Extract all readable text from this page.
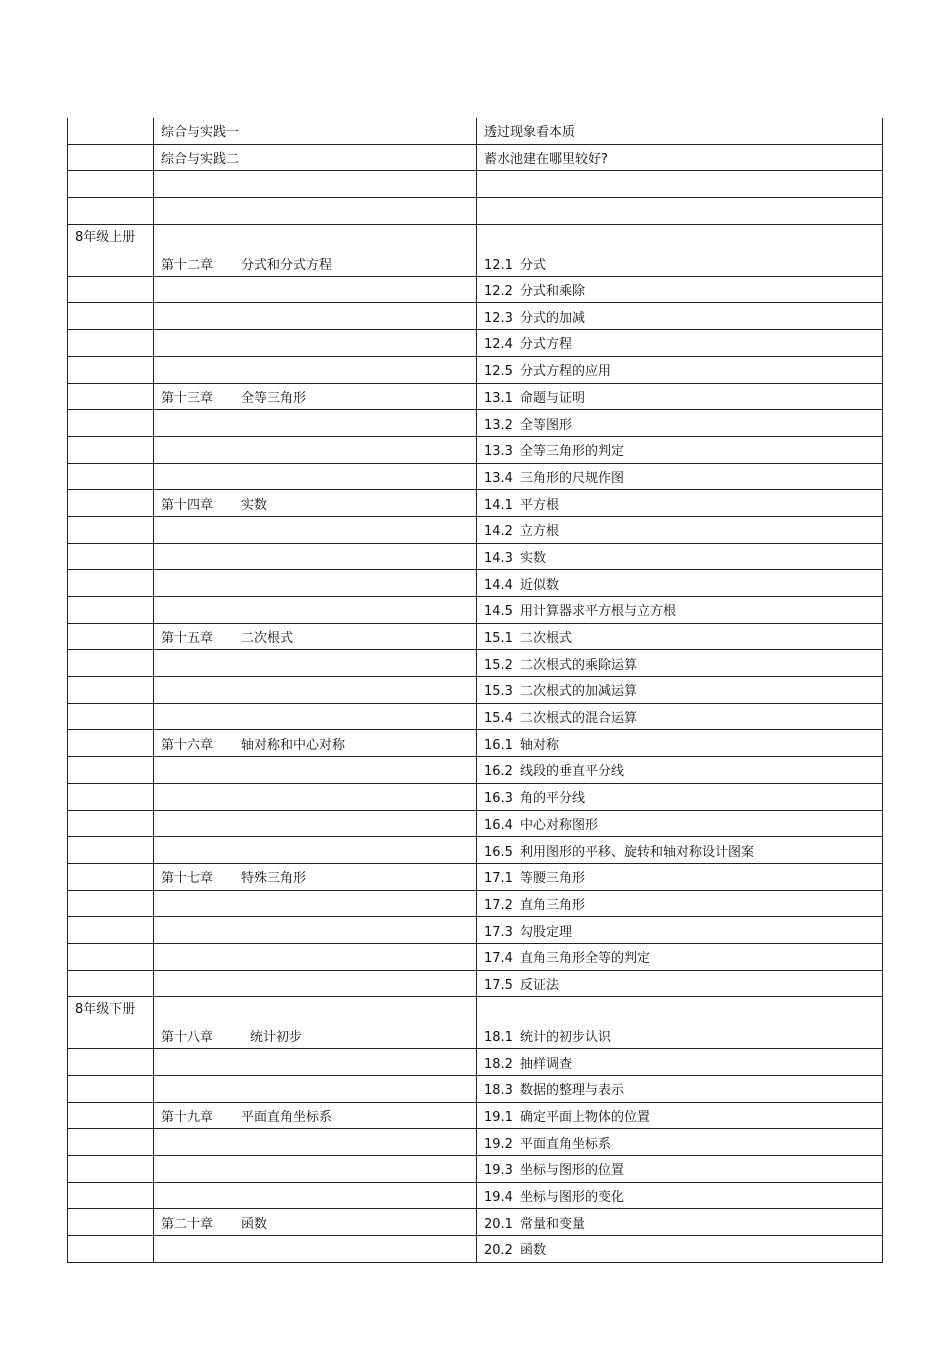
	综合与实践一	透过现象看本质
	综合与实践二	蓄水池建在哪里较好?

8年级上册	第十二章 分式和分式方程	12.1 分式
		12.2 分式和乘除
		12.3 分式的加减
		12.4 分式方程
		12.5 分式方程的应用
	第十三章 全等三角形	13.1 命题与证明
		13.2 全等图形
		13.3 全等三角形的判定
		13.4 三角形的尺规作图
	第十四章 实数	14.1 平方根
		14.2 立方根
		14.3 实数
		14.4 近似数
		14.5 用计算器求平方根与立方根
	第十五章 二次根式	15.1 二次根式
		15.2 二次根式的乘除运算
		15.3 二次根式的加减运算
		15.4 二次根式的混合运算
	第十六章 轴对称和中心对称	16.1 轴对称
		16.2 线段的垂直平分线
		16.3 角的平分线
		16.4 中心对称图形
		16.5 利用图形的平移、旋转和轴对称设计图案
	第十七章 特殊三角形	17.1 等腰三角形
		17.2 直角三角形
		17.3 勾股定理
		17.4 直角三角形全等的判定
		17.5 反证法
8年级下册	第十八章 统计初步	18.1 统计的初步认识
		18.2 抽样调查
		18.3 数据的整理与表示
	第十九章 平面直角坐标系	19.1 确定平面上物体的位置
		19.2 平面直角坐标系
		19.3 坐标与图形的位置
		19.4 坐标与图形的变化
	第二十章 函数	20.1 常量和变量
		20.2 函数
